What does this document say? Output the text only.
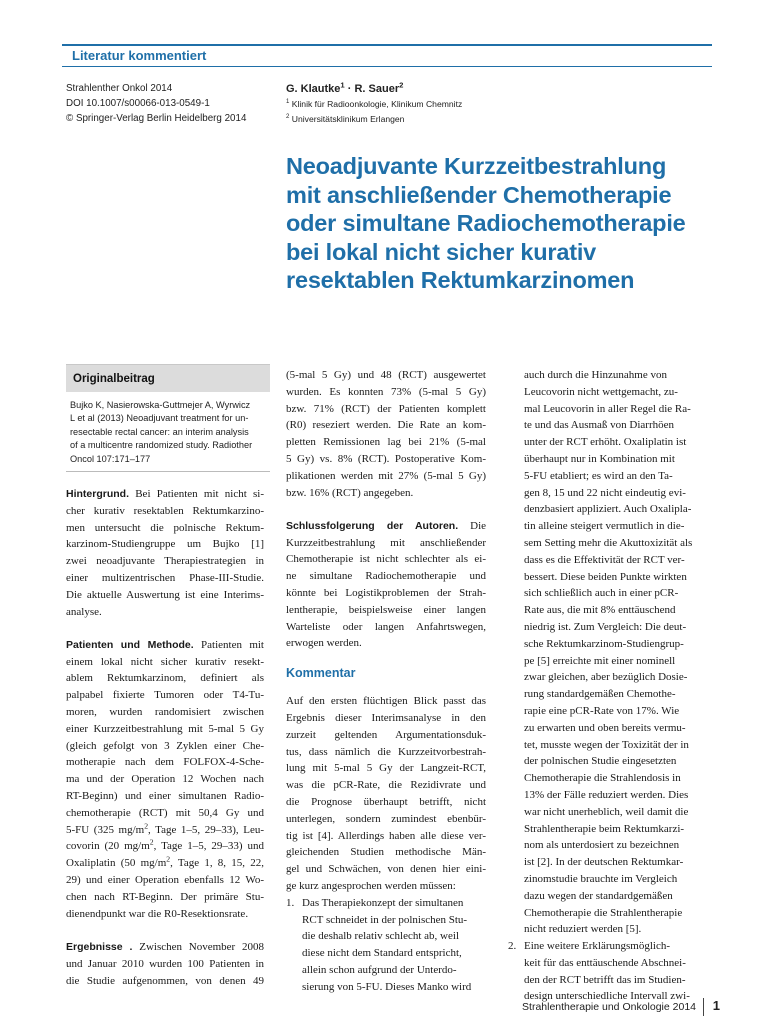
Literatur kommentiert
Strahlenther Onkol 2014
DOI 10.1007/s00066-013-0549-1
© Springer-Verlag Berlin Heidelberg 2014
G. Klautke$^1$ · R. Sauer$^2$
$^1$ Klinik für Radioonkologie, Klinikum Chemnitz
$^2$ Universitätsklinikum Erlangen
Neoadjuvante Kurzzeitbestrahlung
mit anschließender Chemotherapie
oder simultane Radiochemotherapie
bei lokal nicht sicher kurativ
resektablen Rektumkarzinomen
Originalbeitrag
Bujko K, Nasierowska-Guttmejer A, Wyrwicz
L et al (2013) Neoadjuvant treatment for un-
resectable rectal cancer: an interim analysis
of a multicentre randomized study. Radiother
Oncol 107:171–177
Hintergrund. Bei Patienten mit nicht si-
cher kurativ resektablen Rektumkarzino-
men untersucht die polnische Rektum-
karzinom-Studiengruppe um Bujko [1]
zwei neoadjuvante Therapiestrategien in
einer multizentrischen Phase-III-Studie.
Die aktuelle Auswertung ist eine Interims-
analyse.
Patienten und Methode. Patienten mit
einem lokal nicht sicher kurativ resekt-
ablem Rektumkarzinom, definiert als
palpabel fixierte Tumoren oder T4-Tu-
moren, wurden randomisiert zwischen
einer Kurzzeitbestrahlung mit 5-mal 5 Gy
(gleich gefolgt von 3 Zyklen einer Che-
motherapie nach dem FOLFOX-4-Sche-
ma und der Operation 12 Wochen nach
RT-Beginn) und einer simultanen Radio-
chemotherapie (RCT) mit 50,4 Gy und
5-FU (325 $mg/m^2$, Tage 1–5, 29–33), Leu-
covorin (20 $mg/m^2$, Tage 1–5, 29–33) und
Oxaliplatin (50 $mg/m^2$, Tage 1, 8, 15, 22,
29) und einer Operation ebenfalls 12 Wo-
chen nach RT-Beginn. Der primäre Stu-
dienendpunkt war die R0-Resektionsrate.
Ergebnisse . Zwischen November 2008
und Januar 2010 wurden 100 Patienten in
die Studie aufgenommen, von denen 49
(5-mal 5 Gy) und 48 (RCT) ausgewertet
wurden. Es konnten 73% (5-mal 5 Gy)
bzw. 71% (RCT) der Patienten komplett
(R0) reseziert werden. Die Rate an kom-
pletten Remissionen lag bei 21% (5-mal
5 Gy) vs. 8% (RCT). Postoperative Kom-
plikationen werden mit 27% (5-mal 5 Gy)
bzw. 16% (RCT) angegeben.
Schlussfolgerung der Autoren. Die
Kurzzeitbestrahlung mit anschließender
Chemotherapie ist nicht schlechter als ei-
ne simultane Radiochemotherapie und
könnte bei Logistikproblemen der Strah-
lentherapie, beispielsweise einer langen
Warteliste oder langen Anfahrtswegen,
erwogen werden.
Kommentar
Auf den ersten flüchtigen Blick passt das
Ergebnis dieser Interimsanalyse in den
zurzeit geltenden Argumentationsduk-
tus, dass nämlich die Kurzzeitvorbestrah-
lung mit 5-mal 5 Gy der Langzeit-RCT,
was die pCR-Rate, die Rezidivrate und
die Prognose überhaupt betrifft, nicht
unterlegen, sondern zumindest ebenbür-
tig ist [4]. Allerdings haben alle diese ver-
gleichenden Studien methodische Män-
gel und Schwächen, von denen hier eini-
ge kurz angesprochen werden müssen:
1. Das Therapiekonzept der simultanen
RCT schneidet in der polnischen Stu-
die deshalb relativ schlecht ab, weil
diese nicht dem Standard entspricht,
allein schon aufgrund der Unterdo-
sierung von 5-FU. Dieses Manko wird
auch durch die Hinzunahme von
Leucovorin nicht wettgemacht, zu-
mal Leucovorin in aller Regel die Ra-
te und das Ausmaß von Diarrhöen
unter der RCT erhöht. Oxaliplatin ist
überhaupt nur in Kombination mit
5-FU etabliert; es wird an den Ta-
gen 8, 15 und 22 nicht eindeutig evi-
denzbasiert appliziert. Auch Oxalipla-
tin alleine steigert vermutlich in die-
sem Setting mehr die Akuttoxizität als
dass es die Effektivität der RCT ver-
bessert. Diese beiden Punkte wirkten
sich schließlich auch in einer pCR-
Rate aus, die mit 8% enttäuschend
niedrig ist. Zum Vergleich: Die deut-
sche Rektumkarzinom-Studiengrup-
pe [5] erreichte mit einer nominell
zwar gleichen, aber bezüglich Dosie-
rung standardgemäßen Chemothe-
rapie eine pCR-Rate von 17%. Wie
zu erwarten und oben bereits vermu-
tet, musste wegen der Toxizität der in
der polnischen Studie eingesetzten
Chemotherapie die Strahlendosis in
13% der Fälle reduziert werden. Dies
war nicht unerheblich, weil damit die
Strahlentherapie beim Rektumkarzi-
nom als unterdosiert zu bezeichnen
ist [2]. In der deutschen Rektumkar-
zinomstudie brauchte im Vergleich
dazu wegen der standardgemäßen
Chemotherapie die Strahlentherapie
nicht reduziert werden [5].
2. Eine weitere Erklärungsmöglich-
keit für das enttäuschende Abschnei-
den der RCT betrifft das im Studien-
design unterschiedliche Intervall zwi-
Strahlentherapie und Onkologie 2014 1
